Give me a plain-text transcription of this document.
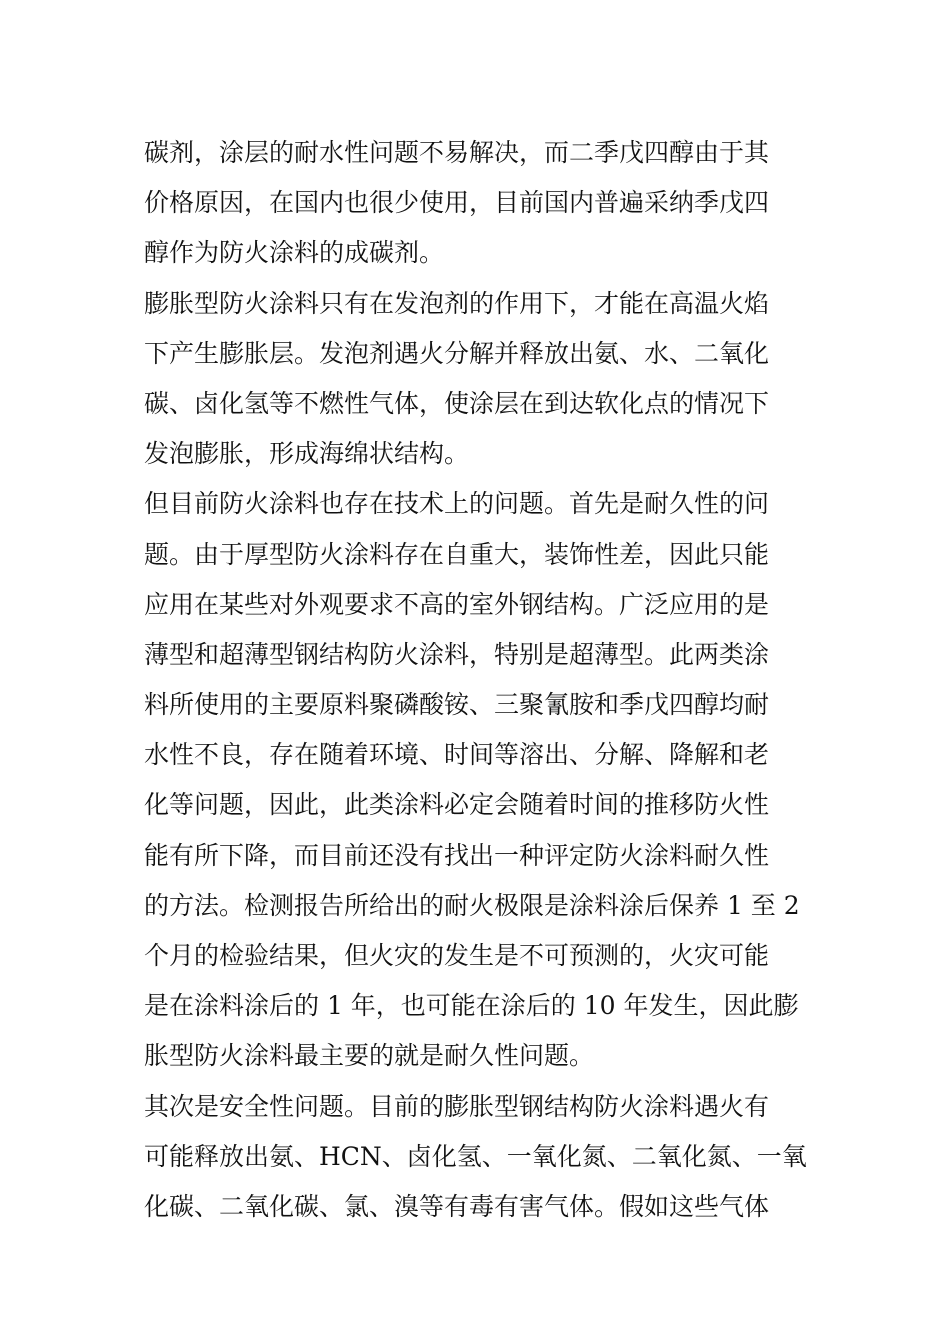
碳剂，涂层的耐水性问题不易解决，而二季戊四醇由于其
价格原因，在国内也很少使用，目前国内普遍采纳季戊四
醇作为防火涂料的成碳剂。

膨胀型防火涂料只有在发泡剂的作用下，才能在高温火焰
下产生膨胀层。发泡剂遇火分解并释放出氨、水、二氧化
碳、卤化氢等不燃性气体，使涂层在到达软化点的情况下
发泡膨胀，形成海绵状结构。

但目前防火涂料也存在技术上的问题。首先是耐久性的问
题。由于厚型防火涂料存在自重大，装饰性差，因此只能
应用在某些对外观要求不高的室外钢结构。广泛应用的是
薄型和超薄型钢结构防火涂料，特别是超薄型。此两类涂
料所使用的主要原料聚磷酸铵、三聚氰胺和季戊四醇均耐
水性不良，存在随着环境、时间等溶出、分解、降解和老
化等问题，因此，此类涂料必定会随着时间的推移防火性
能有所下降，而目前还没有找出一种评定防火涂料耐久性
的方法。检测报告所给出的耐火极限是涂料涂后保养 1 至 2
个月的检验结果，但火灾的发生是不可预测的，火灾可能
是在涂料涂后的 1 年，也可能在涂后的 10 年发生，因此膨
胀型防火涂料最主要的就是耐久性问题。

其次是安全性问题。目前的膨胀型钢结构防火涂料遇火有
可能释放出氨、HCN、卤化氢、一氧化氮、二氧化氮、一氧
化碳、二氧化碳、氯、溴等有毒有害气体。假如这些气体
